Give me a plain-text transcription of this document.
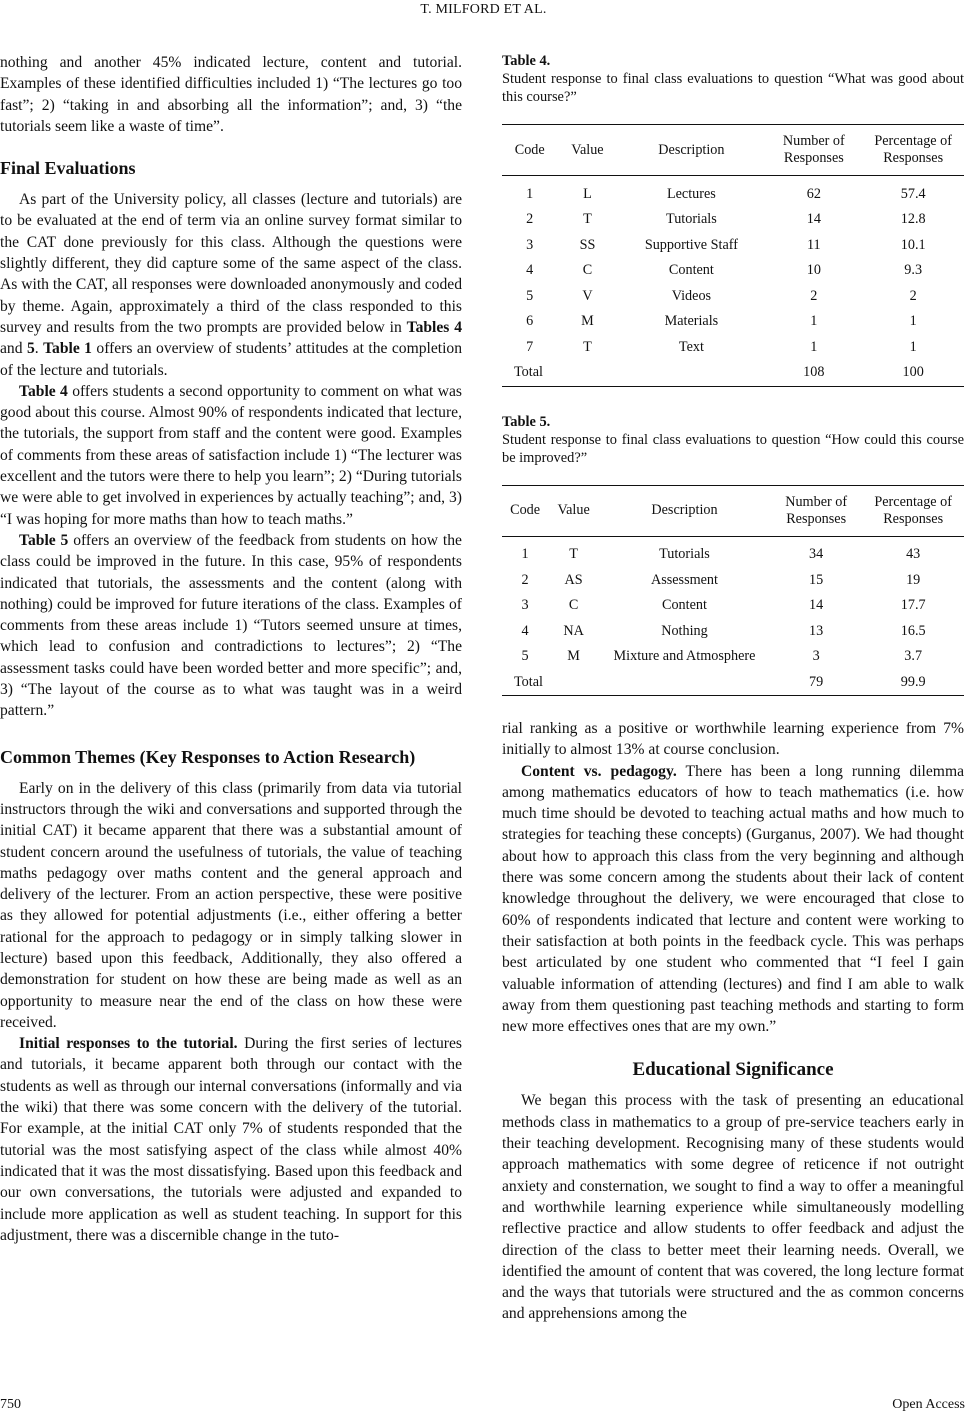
T. MILFORD ET AL.

nothing and another 45% indicated lecture, content and tutorial. Examples of these identified difficulties included 1) “The lectures go too fast”; 2) “taking in and absorbing all the information”; and, 3) “the tutorials seem like a waste of time”.

Final Evaluations

As part of the University policy, all classes (lecture and tutorials) are to be evaluated at the end of term via an online survey format similar to the CAT done previously for this class. Although the questions were slightly different, they did capture some of the same aspect of the class. As with the CAT, all responses were downloaded anonymously and coded by theme. Again, approximately a third of the class responded to this survey and results from the two prompts are provided below in Tables 4 and 5. Table 1 offers an overview of students’ attitudes at the completion of the lecture and tutorials.

Table 4 offers students a second opportunity to comment on what was good about this course. Almost 90% of respondents indicated that lecture, the tutorials, the support from staff and the content were good. Examples of comments from these areas of satisfaction include 1) “The lecturer was excellent and the tutors were there to help you learn”; 2) “During tutorials we were able to get involved in experiences by actually teaching”; and, 3) “I was hoping for more maths than how to teach maths.”

Table 5 offers an overview of the feedback from students on how the class could be improved in the future. In this case, 95% of respondents indicated that tutorials, the assessments and the content (along with nothing) could be improved for future iterations of the class. Examples of comments from these areas include 1) “Tutors seemed unsure at times, which lead to confusion and contradictions to lectures”; 2) “The assessment tasks could have been worded better and more specific”; and, 3) “The layout of the course as to what was taught was in a weird pattern.”

Common Themes (Key Responses to Action Research)

Early on in the delivery of this class (primarily from data via tutorial instructors through the wiki and conversations and supported through the initial CAT) it became apparent that there was a substantial amount of student concern around the usefulness of tutorials, the value of teaching maths pedagogy over maths content and the general approach and delivery of the lecturer. From an action perspective, these were positive as they allowed for potential adjustments (i.e., either offering a better rational for the approach to pedagogy or in simply talking slower in lecture) based upon this feedback, Additionally, they also offered a demonstration for student on how these are being made as well as an opportunity to measure near the end of the class on how these were received.

Initial responses to the tutorial. During the first series of lectures and tutorials, it became apparent both through our contact with the students as well as through our internal conversations (informally and via the wiki) that there was some concern with the delivery of the tutorial. For example, at the initial CAT only 7% of students responded that the tutorial was the most satisfying aspect of the class while almost 40% indicated that it was the most dissatisfying. Based upon this feedback and our own conversations, the tutorials were adjusted and expanded to include more application as well as student teaching. In support for this adjustment, there was a discernible change in the tuto-

Table 4.
Student response to final class evaluations to question “What was good about this course?”

Code	Value	Description	Number of Responses	Percentage of Responses

1	L	Lectures	62	57.4
2	T	Tutorials	14	12.8
3	SS	Supportive Staff	11	10.1
4	C	Content	10	9.3
5	V	Videos	2	2
6	M	Materials	1	1
7	T	Text	1	1
Total			108	100

Table 5.
Student response to final class evaluations to question “How could this course be improved?”

Code	Value	Description	Number of Responses	Percentage of Responses

1	T	Tutorials	34	43
2	AS	Assessment	15	19
3	C	Content	14	17.7
4	NA	Nothing	13	16.5
5	M	Mixture and Atmosphere	3	3.7
Total			79	99.9

rial ranking as a positive or worthwhile learning experience from 7% initially to almost 13% at course conclusion.

Content vs. pedagogy. There has been a long running dilemma among mathematics educators of how to teach mathematics (i.e. how much time should be devoted to teaching actual maths and how much to strategies for teaching these concepts) (Gurganus, 2007). We had thought about how to approach this class from the very beginning and although there was some concern among the students about their lack of content knowledge throughout the delivery, we were encouraged that close to 60% of respondents indicated that lecture and content were working to their satisfaction at both points in the feedback cycle. This was perhaps best articulated by one student who commented that “I feel I gain valuable information of attending (lectures) and find I am able to walk away from them questioning past teaching methods and starting to form new more effectives ones that are my own.”

Educational Significance

We began this process with the task of presenting an educational methods class in mathematics to a group of pre-service teachers early in their teaching development. Recognising many of these students would approach mathematics with some degree of reticence if not outright anxiety and consternation, we sought to find a way to offer a meaningful and worthwhile learning experience while simultaneously modelling reflective practice and allow students to offer feedback and adjust the direction of the class to better meet their learning needs. Overall, we identified the amount of content that was covered, the long lecture format and the ways that tutorials were structured and the as common concerns and apprehensions among the

750	Open Access
